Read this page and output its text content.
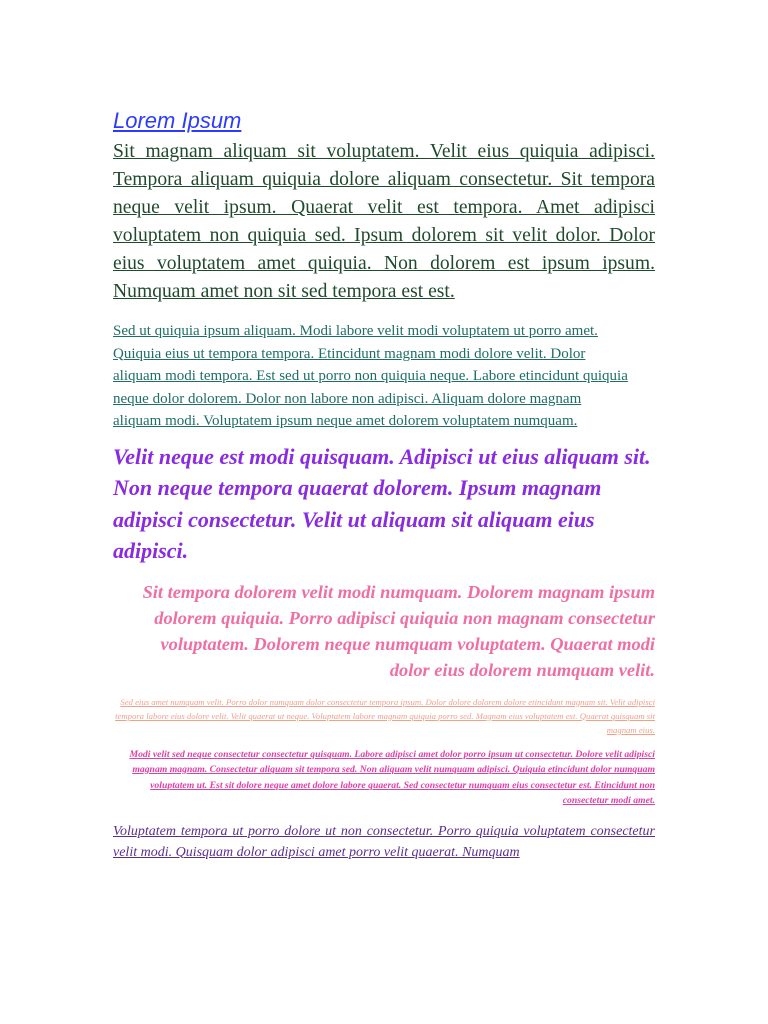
Lorem Ipsum

Sit magnam aliquam sit voluptatem. Velit eius quiquia adipisci. Tempora aliquam quiquia dolore aliquam consectetur. Sit tempora neque velit ipsum. Quaerat velit est tempora. Amet adipisci voluptatem non quiquia sed. Ipsum dolorem sit velit dolor. Dolor eius voluptatem amet quiquia. Non dolorem est ipsum ipsum. Numquam amet non sit sed tempora est est.

Sed ut quiquia ipsum aliquam. Modi labore velit modi voluptatem ut porro amet. Quiquia eius ut tempora tempora. Etincidunt magnam modi dolore velit. Dolor aliquam modi tempora. Est sed ut porro non quiquia neque. Labore etincidunt quiquia neque dolor dolorem. Dolor non labore non adipisci. Aliquam dolore magnam aliquam modi. Voluptatem ipsum neque amet dolorem voluptatem numquam.

Velit neque est modi quisquam. Adipisci ut eius aliquam sit. Non neque tempora quaerat dolorem. Ipsum magnam adipisci consectetur. Velit ut aliquam sit aliquam eius adipisci.

Sit tempora dolorem velit modi numquam. Dolorem magnam ipsum dolorem quiquia. Porro adipisci quiquia non magnam consectetur voluptatem. Dolorem neque numquam voluptatem. Quaerat modi dolor eius dolorem numquam velit.

Sed eius amet numquam velit. Porro dolor numquam dolor consectetur tempora ipsum. Dolor dolore dolorem dolore etincidunt magnam sit. Velit adipisci tempora labore eius dolore velit. Velit quaerat ut neque. Voluptatem labore magnam quiquia porro sed. Magnam eius voluptatem est. Quaerat quisquam sit magnam eius.

Modi velit sed neque consectetur consectetur quisquam. Labore adipisci amet dolor porro ipsum ut consectetur. Dolore velit adipisci magnam magnam. Consectetur aliquam sit tempora sed. Non aliquam velit numquam adipisci. Quiquia etincidunt dolor numquam voluptatem ut. Est sit dolore neque amet dolore labore quaerat. Sed consectetur numquam eius consectetur est. Etincidunt non consectetur modi amet.

Voluptatem tempora ut porro dolore ut non consectetur. Porro quiquia voluptatem consectetur velit modi. Quisquam dolor adipisci amet porro velit quaerat. Numquam
